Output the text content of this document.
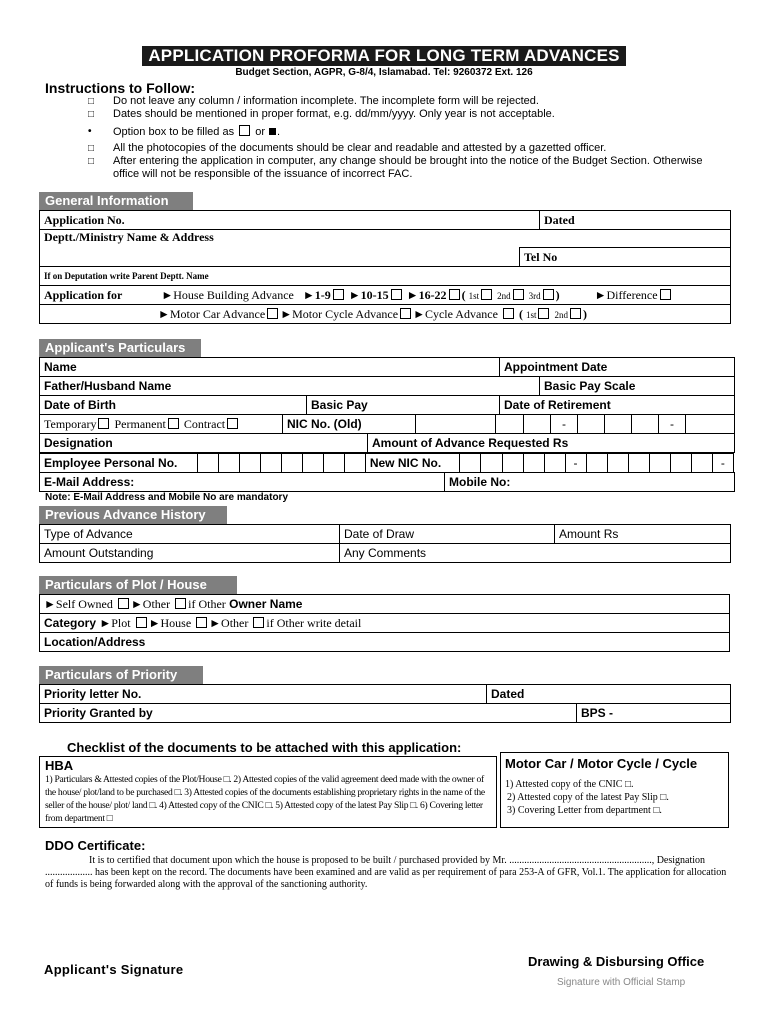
APPLICATION PROFORMA FOR LONG TERM ADVANCES
Budget Section, AGPR, G-8/4, Islamabad. Tel: 9260372 Ext. 126
Instructions to Follow:
□	Do not leave any column / information incomplete. The incomplete form will be rejected.
□	Dates should be mentioned in proper format, e.g. dd/mm/yyyy. Only year is not acceptable.
•	Option box to be filled as or .
□	All the photocopies of the documents should be clear and readable and attested by a gazetted officer.
□	After entering the application in computer, any change should be brought into the notice of the Budget Section. Otherwise office will not be responsible of the issuance of incorrect FAC.
General Information
Application No.	Dated
Deptt./Ministry Name & Address
	Tel No
If on Deputation write Parent Deptt. Name
Application for	►House Building Advance ►1-9 ►10-15 ►16-22 ( 1st 2nd 3rd )	►Difference
►Motor Car Advance ►Motor Cycle Advance ►Cycle Advance ( 1st 2nd )
Applicant's Particulars
Name	Appointment Date
Father/Husband Name	Basic Pay Scale
Date of Birth	Basic Pay	Date of Retirement
Temporary Permanent Contract	NIC No. (Old)				-				-	
Designation	Amount of Advance Requested Rs
Employee Personal No.									New NIC No.						-							-
E-Mail Address:	Mobile No:
Note: E-Mail Address and Mobile No are mandatory
Previous Advance History
Type of Advance	Date of Draw	Amount Rs
Amount Outstanding	Any Comments	
Particulars of Plot / House
►Self Owned ►Other if Other Owner Name
Category ►Plot ►House ►Other if Other write detail
Location/Address
Particulars of Priority
Priority letter No.	Dated	
Priority Granted by		BPS -
Checklist of the documents to be attached with this application:
HBA
1) Particulars & Attested copies of the Plot/House □. 2) Attested copies of the valid agreement deed made with the owner of the house/ plot/land to be purchased □. 3) Attested copies of the documents establishing proprietary rights in the name of the seller of the house/ plot/ land □. 4) Attested copy of the CNIC □. 5) Attested copy of the latest Pay Slip □. 6) Covering letter from department □
Motor Car / Motor Cycle / Cycle
1) Attested copy of the CNIC □.
2) Attested copy of the latest Pay Slip □.
3) Covering Letter from department □.
DDO Certificate:
It is to certified that document upon which the house is proposed to be built / purchased provided by Mr. ........................................................., Designation ................... has been kept on the record. The documents have been examined and are valid as per requirement of para 253-A of GFR, Vol.1. The application for allocation of funds is being forwarded along with the approval of the sanctioning authority.
Applicant's Signature
Drawing & Disbursing Office
Signature with Official Stamp
